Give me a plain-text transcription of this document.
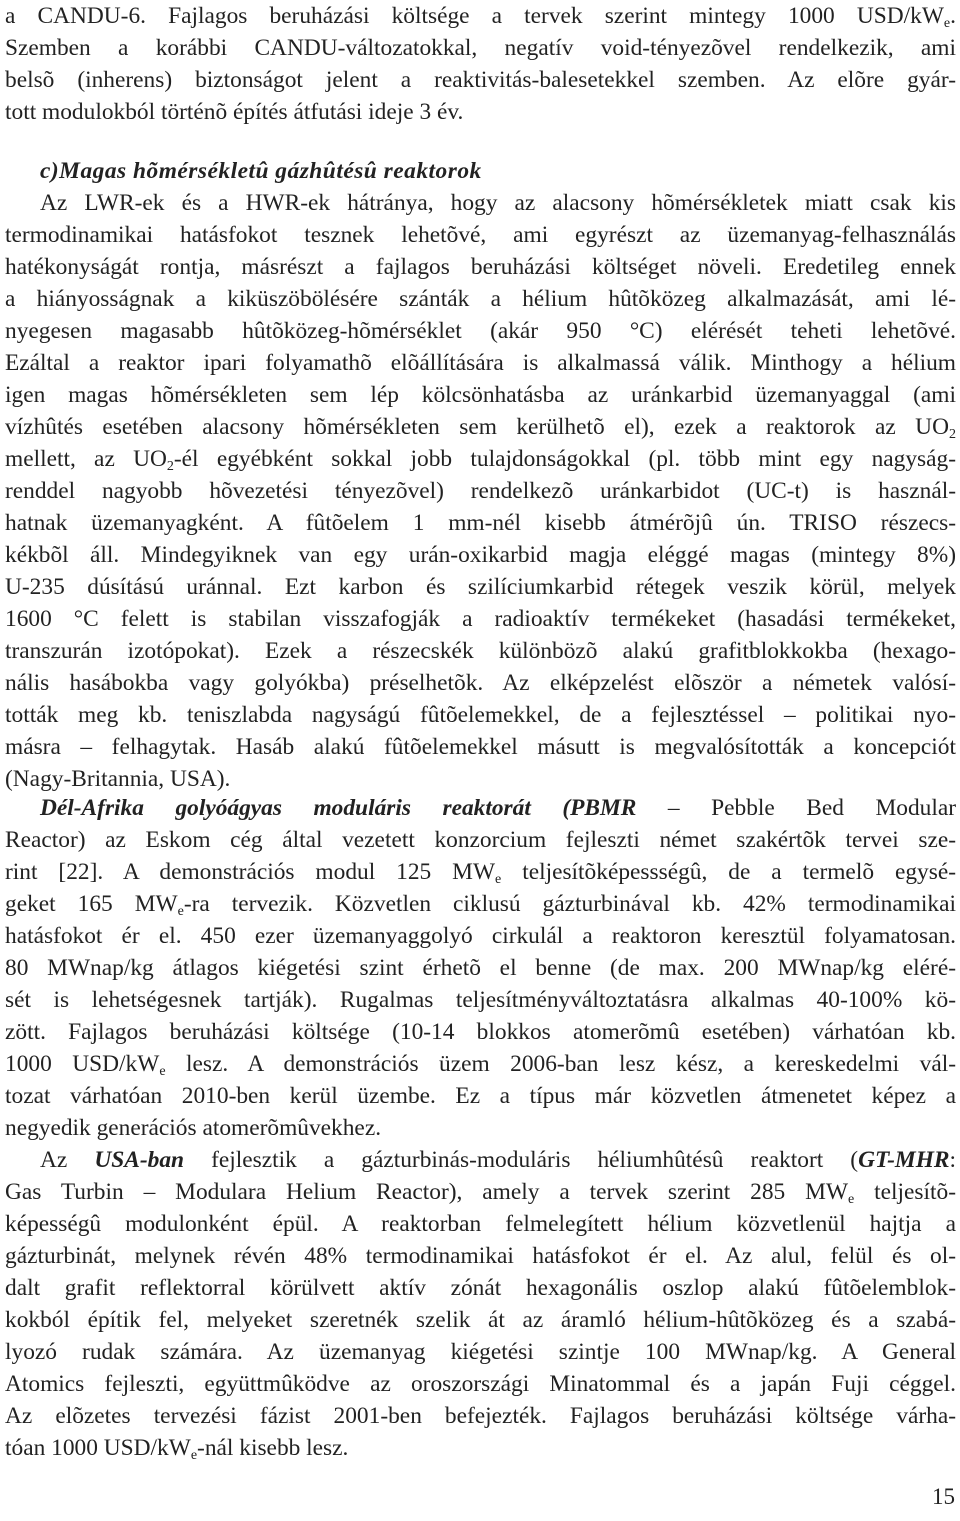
a CANDU-6. Fajlagos beruházási költsége a tervek szerint mintegy 1000 USD/$kW_e$.
Szemben a korábbi CANDU-változatokkal, negatív void-tényezõvel rendelkezik, ami
belsõ (inherens) biztonságot jelent a reaktivitás-balesetekkel szemben. Az elõre gyár-
tott modulokból történõ építés átfutási ideje 3 év.
c)Magas hõmérsékletû gázhûtésû reaktorok
Az LWR-ek és a HWR-ek hátránya, hogy az alacsony hõmérsékletek miatt csak kis
termodinamikai hatásfokot tesznek lehetõvé, ami egyrészt az üzemanyag-felhasználás
hatékonyságát rontja, másrészt a fajlagos beruházási költséget növeli. Eredetileg ennek
a hiányosságnak a kiküszöbölésére szánták a hélium hûtõközeg alkalmazását, ami lé-
nyegesen magasabb hûtõközeg-hõmérséklet (akár 950 °C) elérését teheti lehetõvé.
Ezáltal a reaktor ipari folyamathõ elõállítására is alkalmassá válik. Minthogy a hélium
igen magas hõmérsékleten sem lép kölcsönhatásba az uránkarbid üzemanyaggal (ami
vízhûtés esetében alacsony hõmérsékleten sem kerülhetõ el), ezek a reaktorok az $UO_2$
mellett, az $UO_2-él$ egyébként sokkal jobb tulajdonságokkal (pl. több mint egy nagyság-
renddel nagyobb hõvezetési tényezõvel) rendelkezõ uránkarbidot (UC-t) is használ-
hatnak üzemanyagként. A fûtõelem 1 mm-nél kisebb átmérõjû ún. TRISO részecs-
kékbõl áll. Mindegyiknek van egy urán-oxikarbid magja eléggé magas (mintegy 8%)
U-235 dúsítású uránnal. Ezt karbon és szilíciumkarbid rétegek veszik körül, melyek
1600 °C felett is stabilan visszafogják a radioaktív termékeket (hasadási termékeket,
transzurán izotópokat). Ezek a részecskék különbözõ alakú grafitblokkokba (hexago-
nális hasábokba vagy golyókba) préselhetõk. Az elképzelést elõször a németek valósí-
tották meg kb. teniszlabda nagyságú fûtõelemekkel, de a fejlesztéssel – politikai nyo-
másra – felhagytak. Hasáb alakú fûtõelemekkel másutt is megvalósították a koncepciót
(Nagy-Britannia, USA).
Dél-Afrika golyóágyas moduláris reaktorát (PBMR – Pebble Bed Modular
Reactor) az Eskom cég által vezetett konzorcium fejleszti német szakértõk tervei sze-
rint [22]. A demonstrációs modul 125 $MW_e$ teljesítõképessségû, de a termelõ egysé-
geket 165 $MW_e-ra$ tervezik. Közvetlen ciklusú gázturbinával kb. 42% termodinamikai
hatásfokot ér el. 450 ezer üzemanyaggolyó cirkulál a reaktoron keresztül folyamatosan.
80 MWnap/kg átlagos kiégetési szint érhetõ el benne (de max. 200 MWnap/kg eléré-
sét is lehetségesnek tartják). Rugalmas teljesítményváltoztatásra alkalmas 40-100% kö-
zött. Fajlagos beruházási költsége (10-14 blokkos atomerõmû esetében) várhatóan kb.
1000 USD/$kW_e$ lesz. A demonstrációs üzem 2006-ban lesz kész, a kereskedelmi vál-
tozat várhatóan 2010-ben kerül üzembe. Ez a típus már közvetlen átmenetet képez a
negyedik generációs atomerõmûvekhez.
Az USA-ban fejlesztik a gázturbinás-moduláris héliumhûtésû reaktort (GT-MHR:
Gas Turbin – Modulara Helium Reactor), amely a tervek szerint 285 $MW_e$ teljesítõ-
képességû modulonként épül. A reaktorban felmelegített hélium közvetlenül hajtja a
gázturbinát, melynek révén 48% termodinamikai hatásfokot ér el. Az alul, felül és ol-
dalt grafit reflektorral körülvett aktív zónát hexagonális oszlop alakú fûtõelemblok-
kokból építik fel, melyeket szeretnék szelik át az áramló hélium-hûtõközeg és a szabá-
lyozó rudak számára. Az üzemanyag kiégetési szintje 100 MWnap/kg. A General
Atomics fejleszti, együttmûködve az oroszországi Minatommal és a japán Fuji céggel.
Az elõzetes tervezési fázist 2001-ben befejezték. Fajlagos beruházási költsége várha-
tóan 1000 USD/$kW_e$-nál kisebb lesz.
15
